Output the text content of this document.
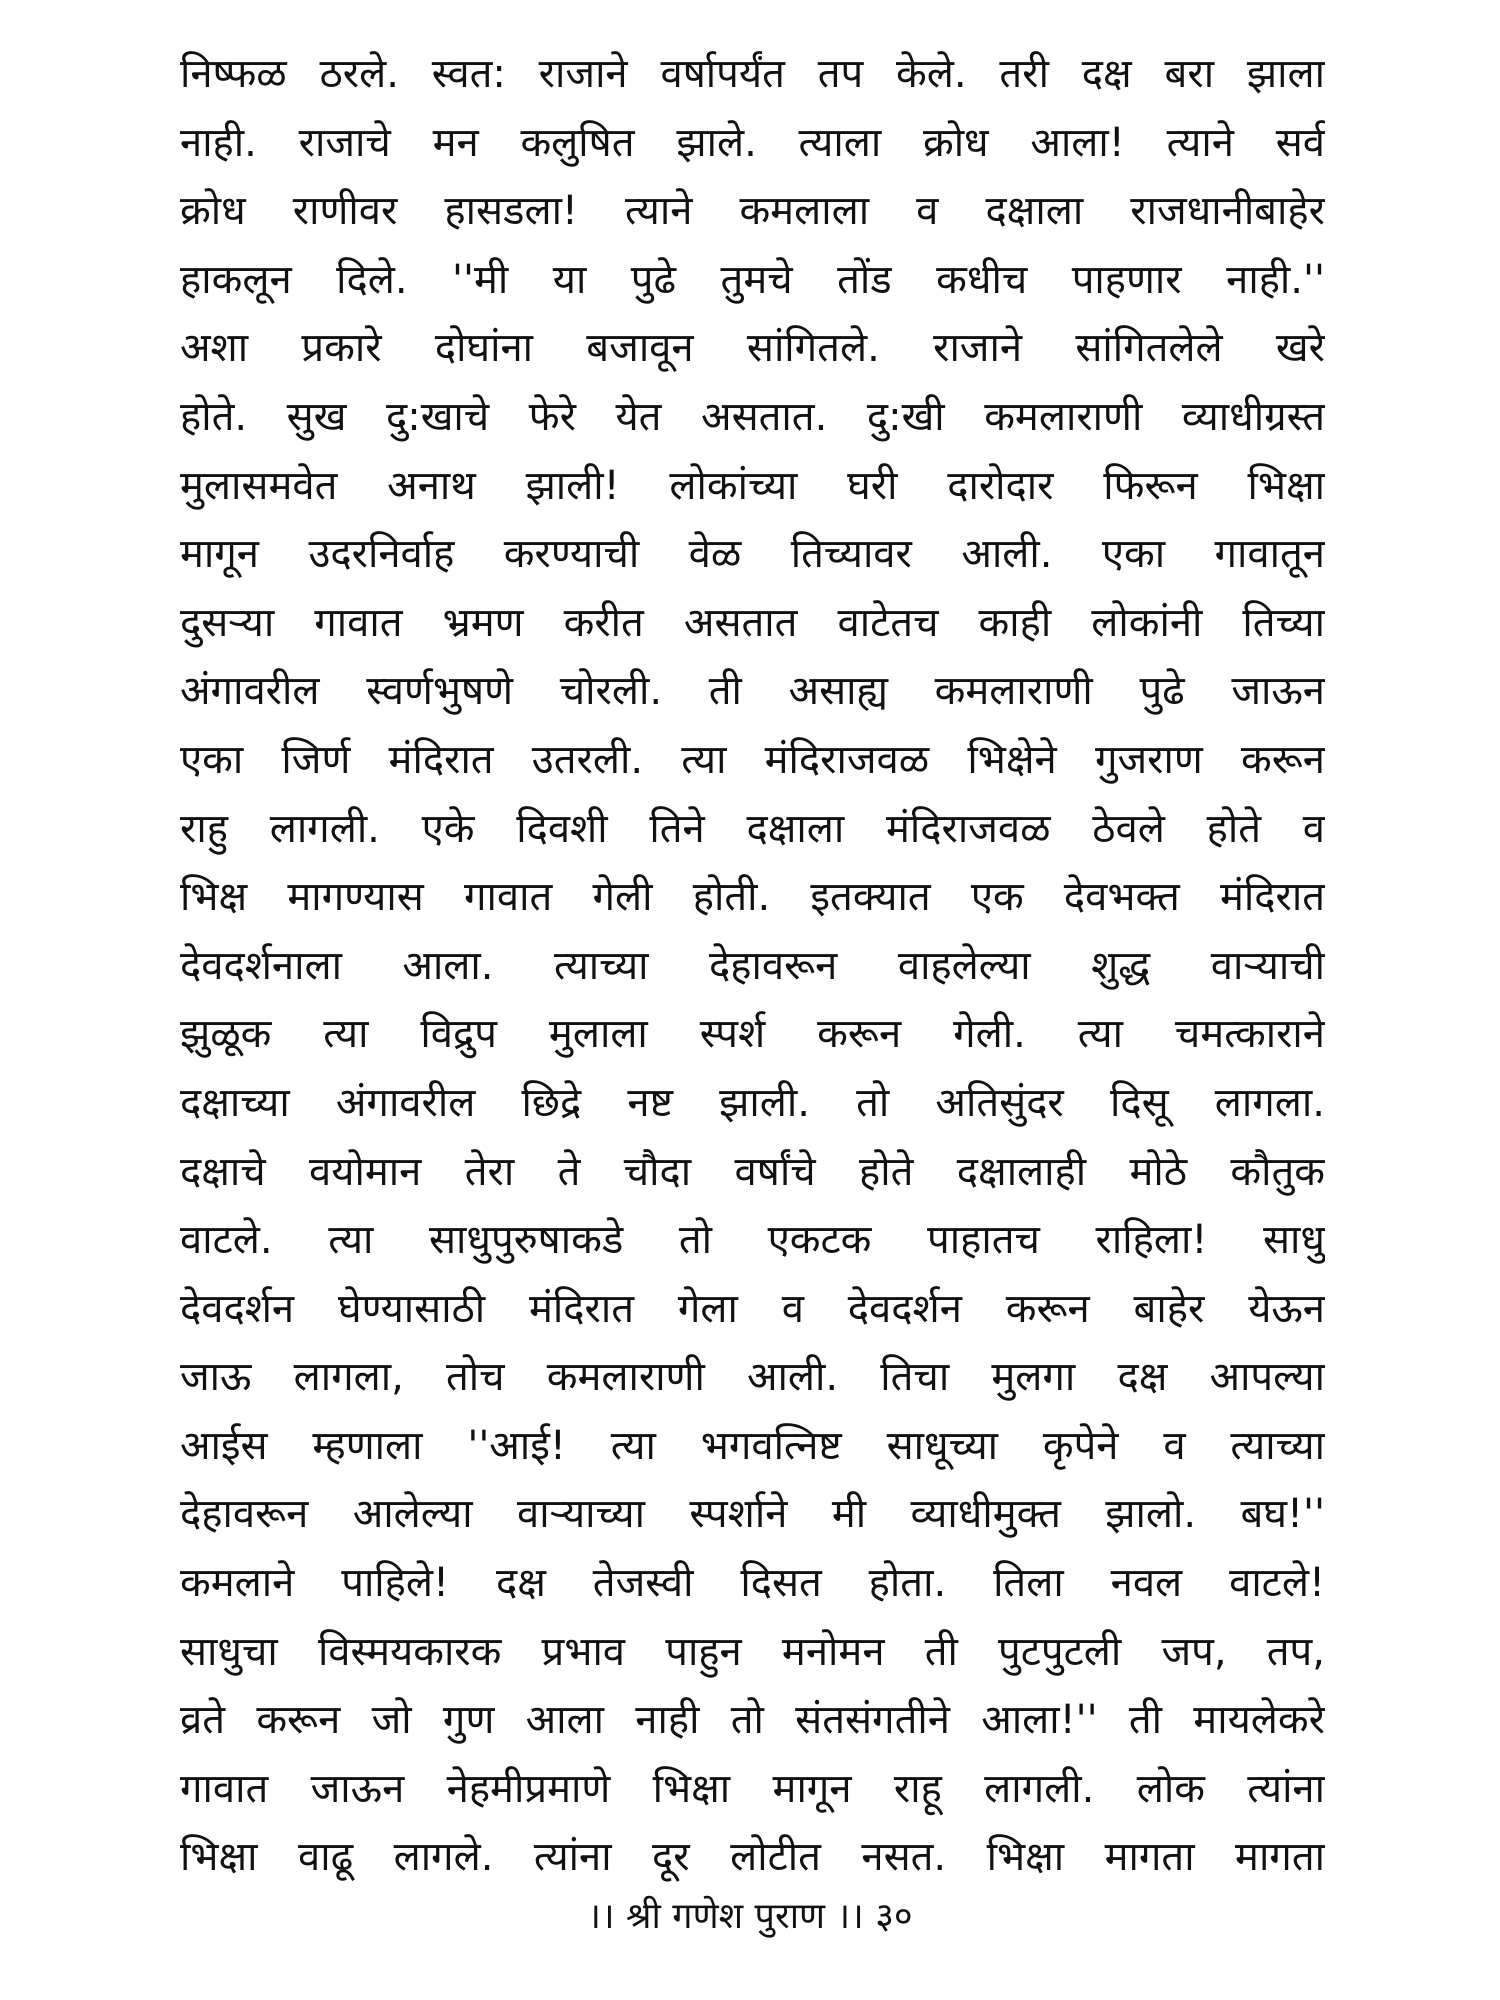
निष्फळ ठरले. स्वत: राजाने वर्षापर्यंत तप केले. तरी दक्ष बरा झाला
नाही. राजाचे मन कलुषित झाले. त्याला क्रोध आला! त्याने सर्व
क्रोध राणीवर हासडला! त्याने कमलाला व दक्षाला राजधानीबाहेर
हाकलून दिले. ''मी या पुढे तुमचे तोंड कधीच पाहणार नाही.''
अशा प्रकारे दोघांना बजावून सांगितले. राजाने सांगितलेले खरे
होते. सुख दु:खाचे फेरे येत असतात. दु:खी कमलाराणी व्याधीग्रस्त
मुलासमवेत अनाथ झाली! लोकांच्या घरी दारोदार फिरून भिक्षा
मागून उदरनिर्वाह करण्याची वेळ तिच्यावर आली. एका गावातून
दुसऱ्या गावात भ्रमण करीत असतात वाटेतच काही लोकांनी तिच्या
अंगावरील स्वर्णभुषणे चोरली. ती असाह्य कमलाराणी पुढे जाऊन
एका जिर्ण मंदिरात उतरली. त्या मंदिराजवळ भिक्षेने गुजराण करून
राहु लागली. एके दिवशी तिने दक्षाला मंदिराजवळ ठेवले होते व
भिक्ष मागण्यास गावात गेली होती. इतक्यात एक देवभक्त मंदिरात
देवदर्शनाला आला. त्याच्या देहावरून वाहलेल्या शुद्ध वाऱ्याची
झुळूक त्या विद्रुप मुलाला स्पर्श करून गेली. त्या चमत्काराने
दक्षाच्या अंगावरील छिद्रे नष्ट झाली. तो अतिसुंदर दिसू लागला.
दक्षाचे वयोमान तेरा ते चौदा वर्षांचे होते दक्षालाही मोठे कौतुक
वाटले. त्या साधुपुरुषाकडे तो एकटक पाहातच राहिला! साधु
देवदर्शन घेण्यासाठी मंदिरात गेला व देवदर्शन करून बाहेर येऊन
जाऊ लागला, तोच कमलाराणी आली. तिचा मुलगा दक्ष आपल्या
आईस म्हणाला ''आई! त्या भगवत्निष्ट साधूच्या कृपेने व त्याच्या
देहावरून आलेल्या वाऱ्याच्या स्पर्शाने मी व्याधीमुक्त झालो. बघ!''
कमलाने पाहिले! दक्ष तेजस्वी दिसत होता. तिला नवल वाटले!
साधुचा विस्मयकारक प्रभाव पाहुन मनोमन ती पुटपुटली जप, तप,
व्रते करून जो गुण आला नाही तो संतसंगतीने आला!'' ती मायलेकरे
गावात जाऊन नेहमीप्रमाणे भिक्षा मागून राहू लागली. लोक त्यांना
भिक्षा वाढू लागले. त्यांना दूर लोटीत नसत. भिक्षा मागता मागता
।। श्री गणेश पुराण ।। ३०
